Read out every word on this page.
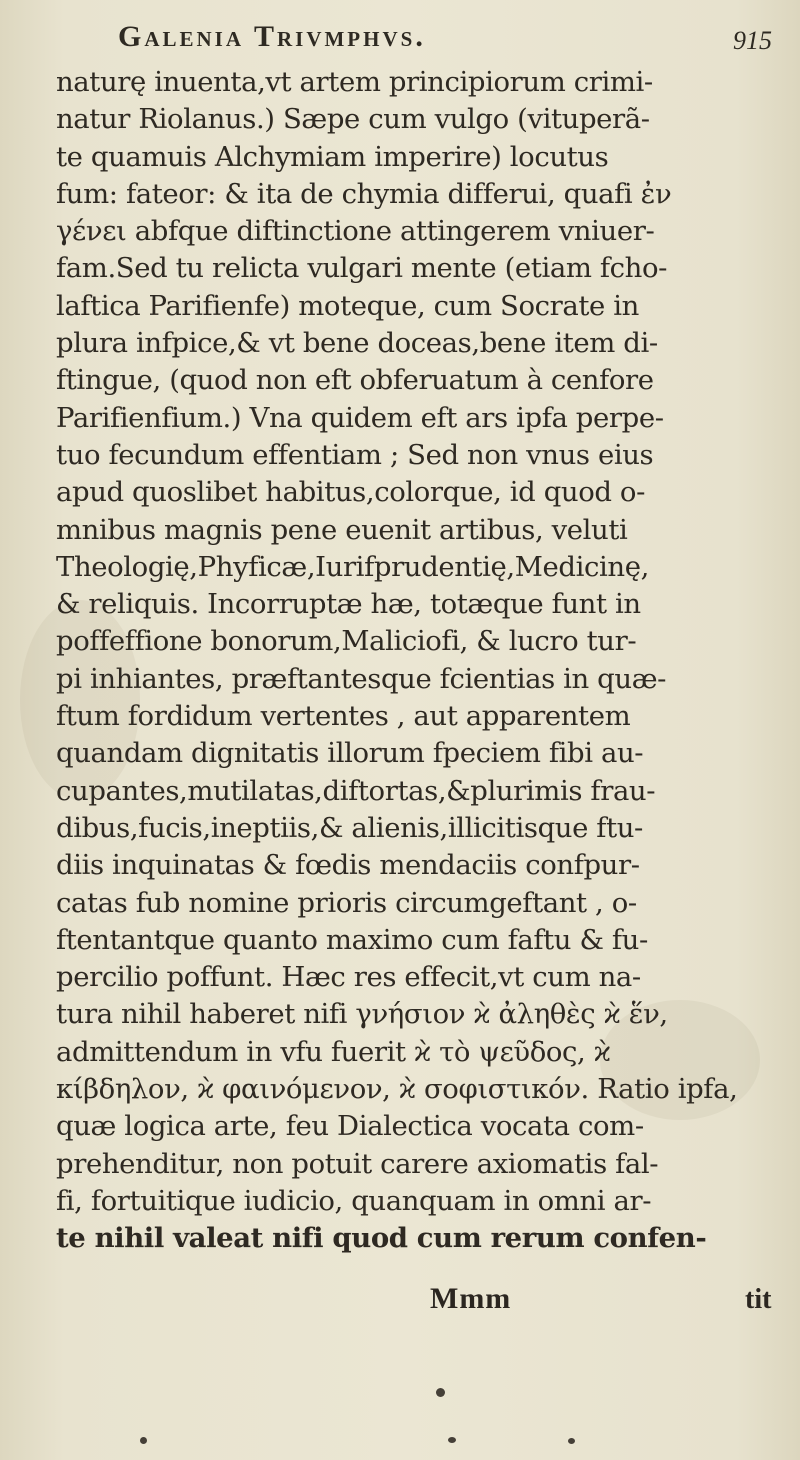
Galenia Trivmphvs.	915
naturę inuenta,vt artem principiorum crimi-
natur Riolanus.) Sæpe cum vulgo (vituperã-
te quamuis Alchymiam imperire) locutus
fum: fateor: & ita de chymia differui, quafi ἐν
γένει abfque diftinctione attingerem vniuer-
fam.Sed tu relicta vulgari mente (etiam fcho-
laftica Parifienfe) moteque, cum Socrate in
plura infpice,& vt bene doceas,bene item di-
ftingue, (quod non eft obferuatum à cenfore
Parifienfium.) Vna quidem eft ars ipfa perpe-
tuo fecundum effentiam ; Sed non vnus eius
apud quoslibet habitus,colorque, id quod o-
mnibus magnis pene euenit artibus, veluti
Theologię,Phyficæ,Iurifprudentię,Medicinę,
& reliquis. Incorruptæ hæ, totæque funt in
poffeffione bonorum,Maliciofi, & lucro tur-
pi inhiantes, præftantesque fcientias in quæ-
ftum fordidum vertentes , aut apparentem
quandam dignitatis illorum fpeciem fibi au-
cupantes,mutilatas,diftortas,&plurimis frau-
dibus,fucis,ineptiis,& alienis,illicitisque ftu-
diis inquinatas & fœdis mendaciis confpur-
catas fub nomine prioris circumgeftant , o-
ftentantque quanto maximo cum faftu & fu-
percilio poffunt. Hæc res effecit,vt cum na-
tura nihil haberet nifi γνήσιον ϰ̀ ἀληθὲς ϰ̀ ἕν,
admittendum in vfu fuerit ϰ̀ τὸ ψεῦδος, ϰ̀
κίβδηλον, ϰ̀ φαινόμενον, ϰ̀ σοφιστικόν. Ratio ipfa,
quæ logica arte, feu Dialectica vocata com-
prehenditur, non potuit carere axiomatis fal-
fi, fortuitique iudicio, quanquam in omni ar-
te nihil valeat nifi quod cum rerum confen-
Mmm	tit
